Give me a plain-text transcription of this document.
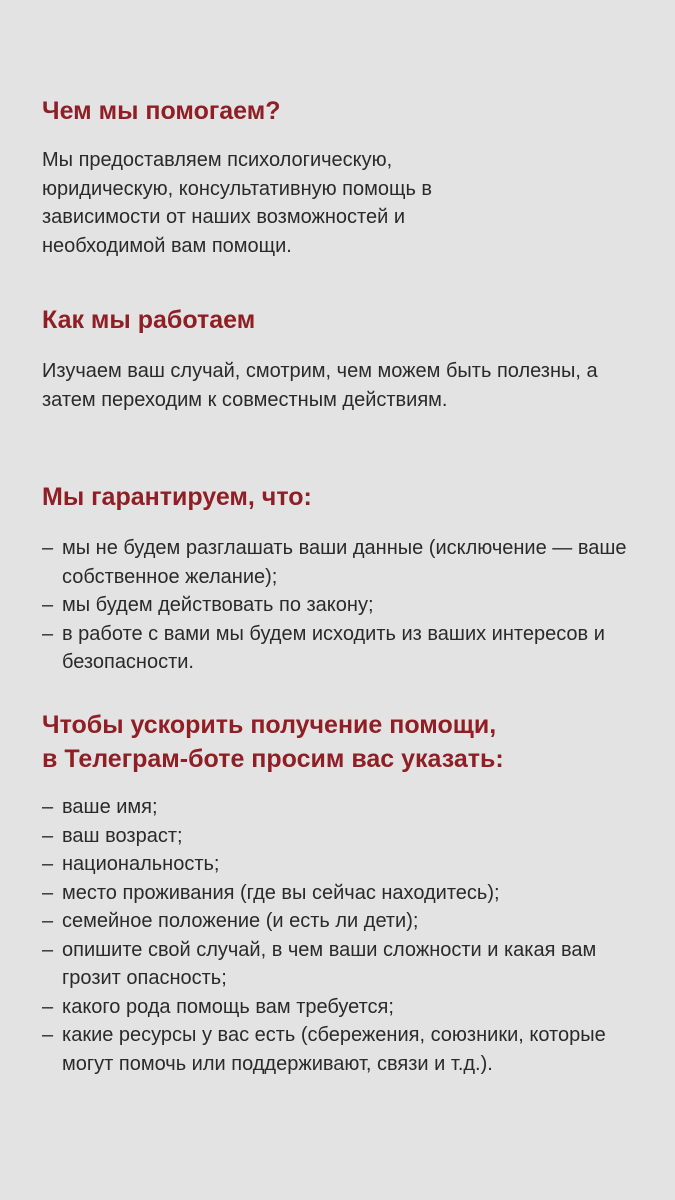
Чем мы помогаем?

Мы предоставляем психологическую, юридическую, консультативную помощь в зависимости от наших возможностей и необходимой вам помощи.

Как мы работаем

Изучаем ваш случай, смотрим, чем можем быть полезны, а затем переходим к совместным действиям.

Мы гарантируем, что:
– мы не будем разглашать ваши данные (исключение — ваше собственное желание);
– мы будем действовать по закону;
– в работе с вами мы будем исходить из ваших интересов и безопасности.
Чтобы ускорить получение помощи,
в Телеграм-боте просим вас указать:
– ваше имя;
– ваш возраст;
– национальность;
– место проживания (где вы сейчас находитесь);
– семейное положение (и есть ли дети);
– опишите свой случай, в чем ваши сложности и какая вам грозит опасность;
– какого рода помощь вам требуется;
– какие ресурсы у вас есть (сбережения, союзники, которые могут помочь или поддерживают, связи и т.д.).
